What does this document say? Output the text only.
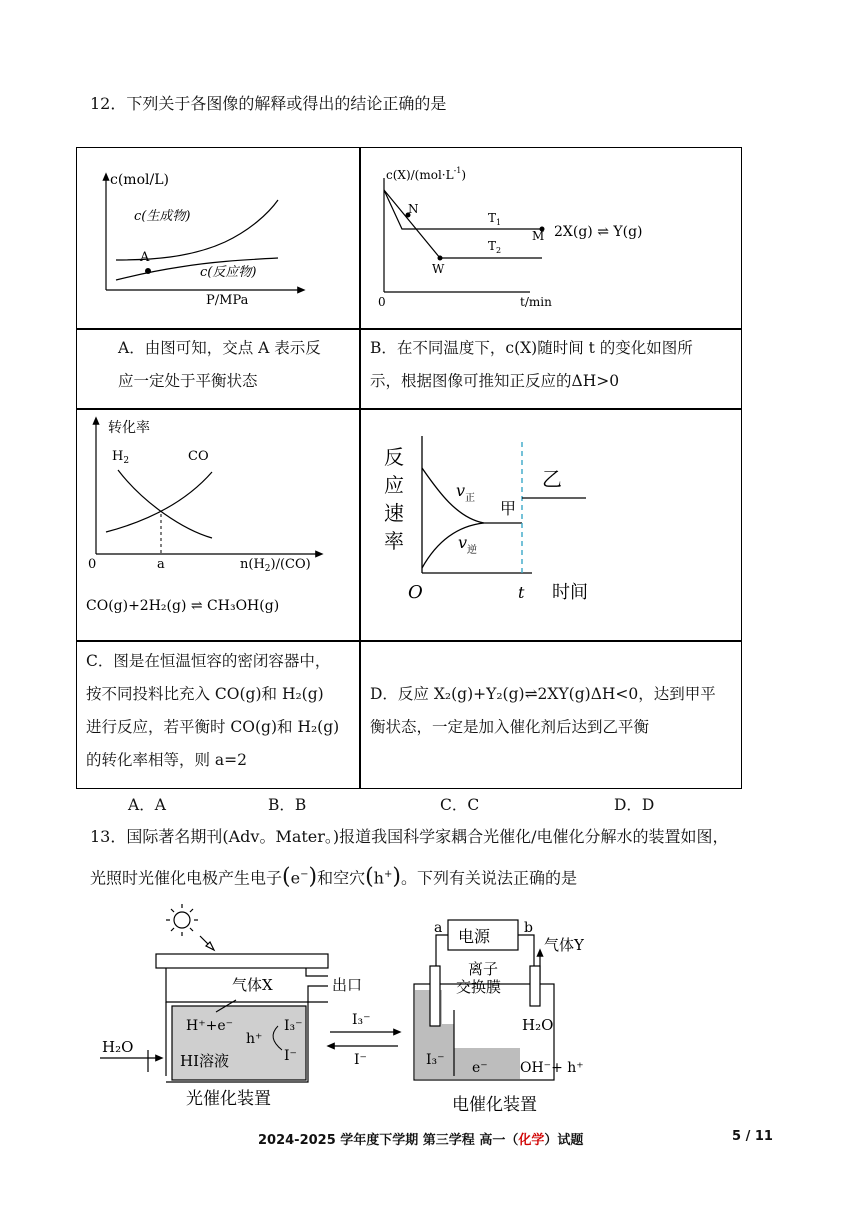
12．下列关于各图像的解释或得出的结论正确的是
c(mol/L)
P/MPa
A
c(生成物)
c(反应物)
$c(X)/(mol\cdot L^{-1})$
0	t/min
N
W
M
$T_1$
$T_2$
2X(g) ⇌ Y(g)
A．由图可知，交点 A 表示反
应一定处于平衡状态
B．在不同温度下，c(X)随时间 t 的变化如图所
示，根据图像可推知正反应的ΔH>0
转化率
$H_2$	CO
0	a	$n(H_2)/(CO)$
CO(g)+2H₂(g) ⇌ CH₃OH(g)
反
应
速
率
$v_正$
$v_逆$
甲
乙
O	t 时间
C．图是在恒温恒容的密闭容器中，
按不同投料比充入 CO(g)和 H₂(g)
进行反应，若平衡时 CO(g)和 H₂(g)
的转化率相等，则 a=2
D．反应 X₂(g)+Y₂(g)⇌2XY(g)ΔH<0，达到甲平
衡状态，一定是加入催化剂后达到乙平衡
A．A	B．B	C．C	D．D
13．国际著名期刊(Adv。Mater。)报道我国科学家耦合光催化/电催化分解水的装置如图，
光照时光催化电极产生电子(e−)和空穴(h+)。下列有关说法正确的是
气体X	出口
H⁺+e⁻
h⁺
I₃⁻
I⁻
H₂O
HI溶液
光催化装置
I₃⁻
I⁻
电源
a	b
气体Y
离子
交换膜
H₂O
I₃⁻ e⁻ OH⁻+ h⁺
电催化装置
2024-2025 学年度下学期 第三学程 高一（化学）试题	5 / 11
